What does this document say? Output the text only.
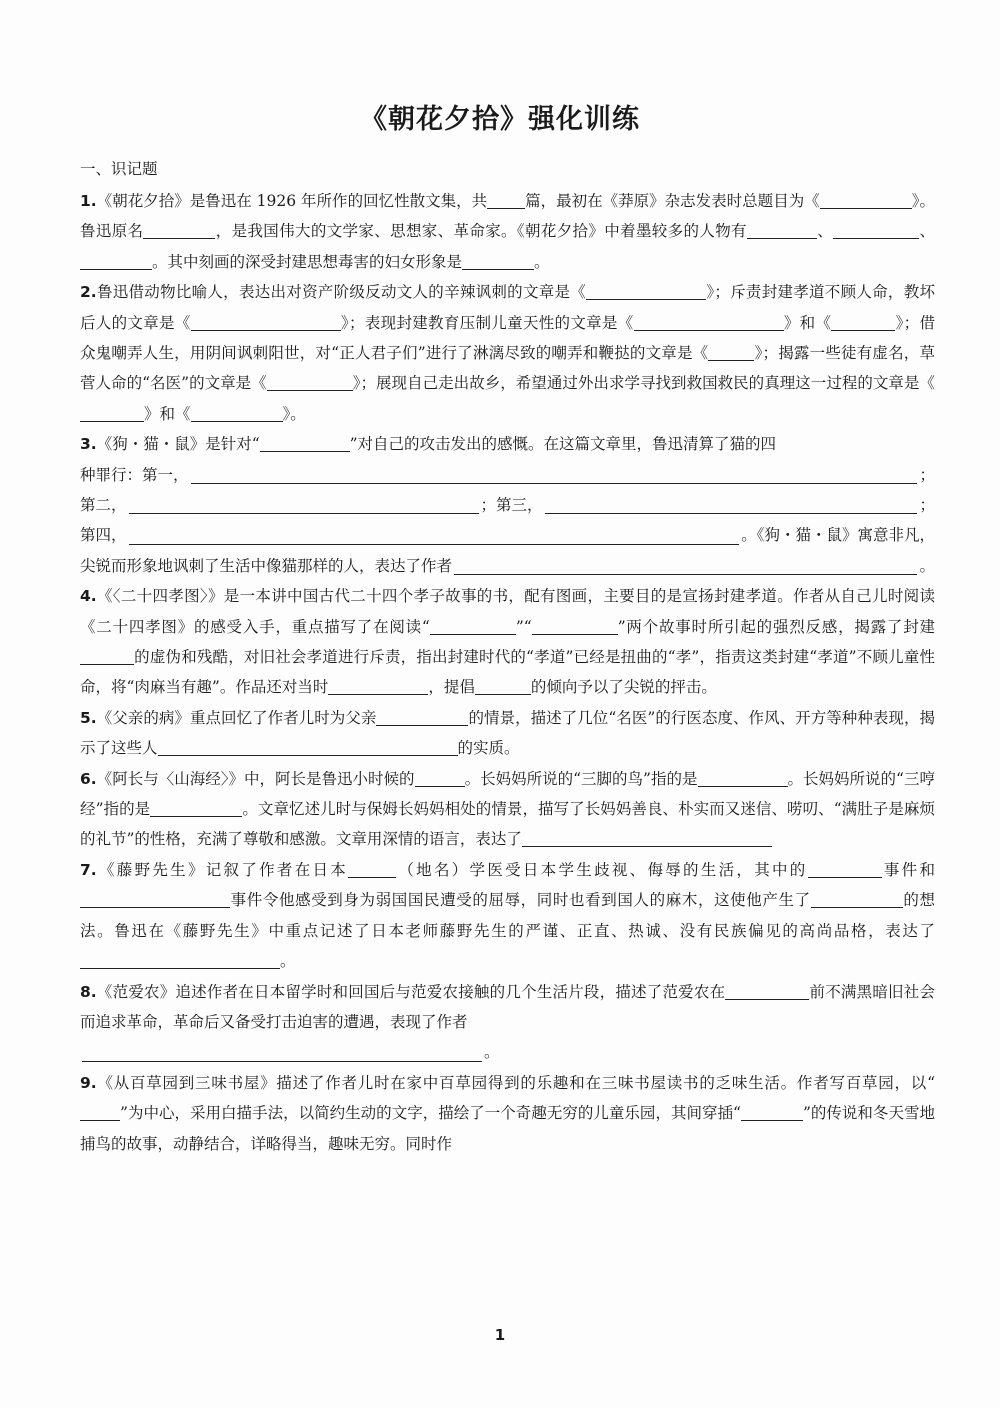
《朝花夕拾》强化训练
一、识记题

1.《朝花夕拾》是鲁迅在 1926 年所作的回忆性散文集，共 篇，最初在《莽原》杂志发表时总题目为《	》。鲁迅原名	，是我国伟大的文学家、思想家、革命家。《朝花夕拾》中着墨较多的人物有	、	、。其中刻画的深受封建思想毒害的妇女形象是	。

2.鲁迅借动物比喻人，表达出对资产阶级反动文人的辛辣讽刺的文章是《	》；斥责封建孝道不顾人命，教坏后人的文章是《	》；表现封建教育压制儿童天性的文章是《	》和《	》；借众鬼嘲弄人生，用阴间讽刺阳世，对“正人君子们”进行了淋漓尽致的嘲弄和鞭挞的文章是《	》；揭露一些徒有虚名，草菅人命的“名医”的文章是《	》；展现自己走出故乡，希望通过外出求学寻找到救国救民的真理这一过程的文章是《》和《	》。

3.《狗・猫・鼠》是针对“	”对自己的攻击发出的感慨。在这篇文章里，鲁迅清算了猫的四

种罪行：第一，	；
第二，	；第三，	；
第四，	。《狗・猫・鼠》寓意非凡，
尖锐而形象地讽刺了生活中像猫那样的人，表达了作者	。

4.《〈二十四孝图〉》是一本讲中国古代二十四个孝子故事的书，配有图画，主要目的是宣扬封建孝道。作者从自己儿时阅读《二十四孝图》的感受入手，重点描写了在阅读“	”“	”两个故事时所引起的强烈反感，揭露了封建的虚伪和残酷，对旧社会孝道进行斥责，指出封建时代的“孝道”已经是扭曲的“孝”，指责这类封建“孝道”不顾儿童性命，将“肉麻当有趣”。作品还对当时	，提倡	的倾向予以了尖锐的抨击。

5.《父亲的病》重点回忆了作者儿时为父亲	的情景，描述了几位“名医”的行医态度、作风、开方等种种表现，揭示了这些人	的实质。

6.《阿长与〈山海经〉》中，阿长是鲁迅小时候的	。长妈妈所说的“三脚的鸟”指的是	。长妈妈所说的“三哼经”指的是	。文章忆述儿时与保姆长妈妈相处的情景，描写了长妈妈善良、朴实而又迷信、唠叨、“满肚子是麻烦的礼节”的性格，充满了尊敬和感激。文章用深情的语言，表达了

7.《藤野先生》记叙了作者在日本	（地名）学医受日本学生歧视、侮辱的生活，其中的	事件和事件令他感受到身为弱国国民遭受的屈辱，同时也看到国人的麻木，这使他产生了	的想法。鲁迅在《藤野先生》中重点记述了日本老师藤野先生的严谨、正直、热诚、没有民族偏见的高尚品格，表达了。

8.《范爱农》追述作者在日本留学时和回国后与范爱农接触的几个生活片段，描述了范爱农在	前不满黑暗旧社会而追求革命，革命后又备受打击迫害的遭遇，表现了作者

。

9.《从百草园到三味书屋》描述了作者儿时在家中百草园得到的乐趣和在三味书屋读书的乏味生活。作者写百草园，以“”为中心，采用白描手法，以简约生动的文字，描绘了一个奇趣无穷的儿童乐园，其间穿插“	”的传说和冬天雪地捕鸟的故事，动静结合，详略得当，趣味无穷。同时作

1
